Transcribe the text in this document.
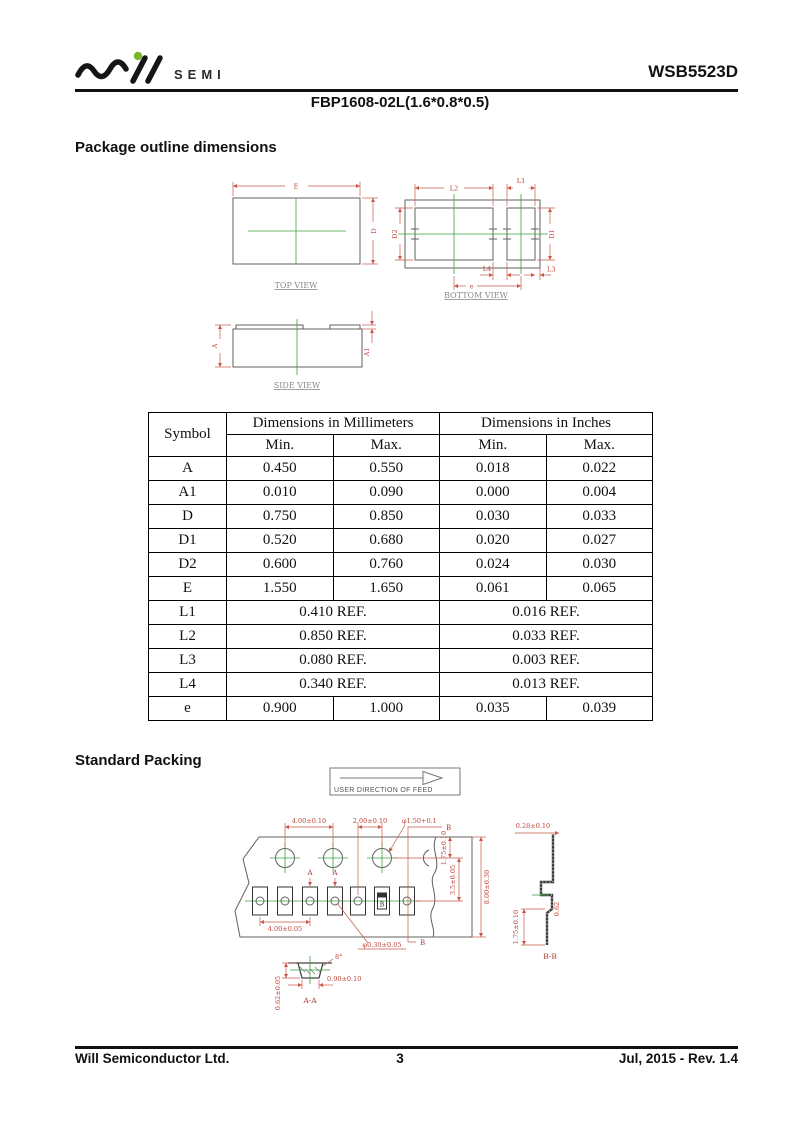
SEMI	WSB5523D
FBP1608-02L(1.6*0.8*0.5)
Package outline dimensions
E
D
TOP VIEW
L2
L1
D2	D1
L4	L3
e
BOTTOM VIEW
A
A1
SIDE VIEW
Symbol	Dimensions in Millimeters		Dimensions in Inches	
	Min.	Max.	Min.	Max.
A	0.450	0.550	0.018	0.022
A1	0.010	0.090	0.000	0.004
D	0.750	0.850	0.030	0.033
D1	0.520	0.680	0.020	0.027
D2	0.600	0.760	0.024	0.030
E	1.550	1.650	0.061	0.065
L1	0.410 REF.		0.016 REF.	
L2	0.850 REF.		0.033 REF.	
L3	0.080 REF.		0.003 REF.	
L4	0.340 REF.		0.013 REF.	
e	0.900	1.000	0.035	0.039
Standard Packing
USER DIRECTION OF FEED
B
A	A
4.00±0.10	2.00±0.10 φ1.50+0.1
1.75±0.10
3.5±0.05	8.00±0.30
4.00±0.05
φ0.30±0.05
B
B
0.28±0.10
1.75±0.10
0.62
B-B
0.90±0.10
0.62±0.05
8°
A-A
Will Semiconductor Ltd.	3	Jul, 2015 - Rev. 1.4
